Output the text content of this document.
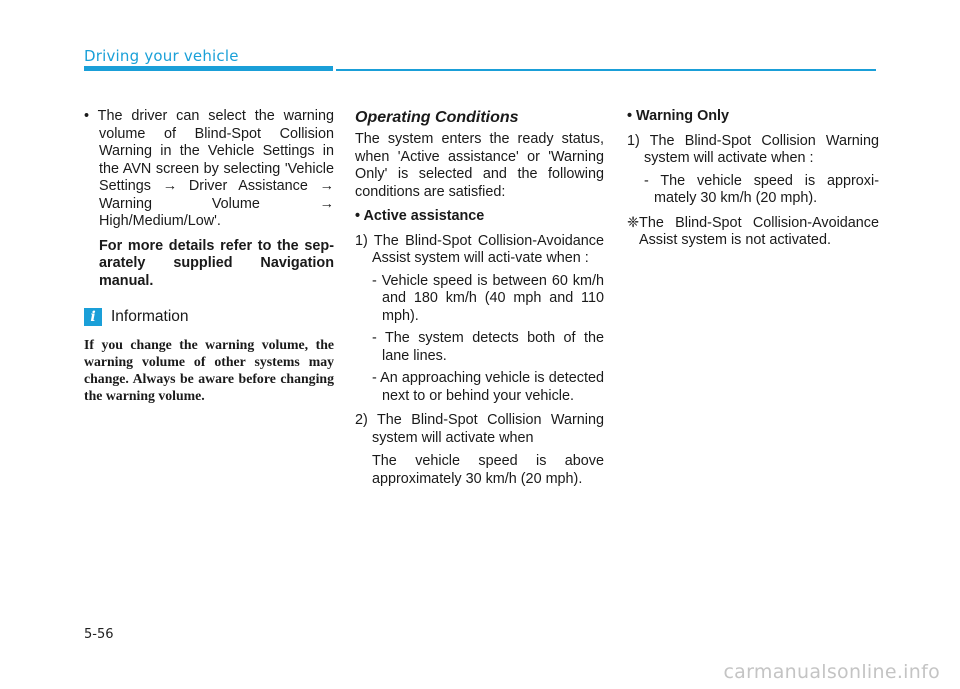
Driving your vehicle

• The driver can select the warning volume of Blind-Spot Collision Warning in the Vehicle Settings in the AVN screen by selecting 'Vehicle Settings → Driver Assistance → Warning Volume → High/Medium/Low'.

For more details refer to the sep-arately supplied Navigation manual.

i Information

If you change the warning volume, the warning volume of other systems may change. Always be aware before changing the warning volume.

Operating Conditions

The system enters the ready status, when 'Active assistance' or 'Warning Only' is selected and the following conditions are satisfied:

• Active assistance

1) The Blind-Spot Collision-Avoidance Assist system will acti-vate when :

- Vehicle speed is between 60 km/h and 180 km/h (40 mph and 110 mph).

- The system detects both of the lane lines.

- An approaching vehicle is detected next to or behind your vehicle.

2) The Blind-Spot Collision Warning system will activate when

The vehicle speed is above approximately 30 km/h (20 mph).

• Warning Only

1) The Blind-Spot Collision Warning system will activate when :

- The vehicle speed is approxi-mately 30 km/h (20 mph).

❈The Blind-Spot Collision-Avoidance Assist system is not activated.

5-56
carmanualsonline.info
